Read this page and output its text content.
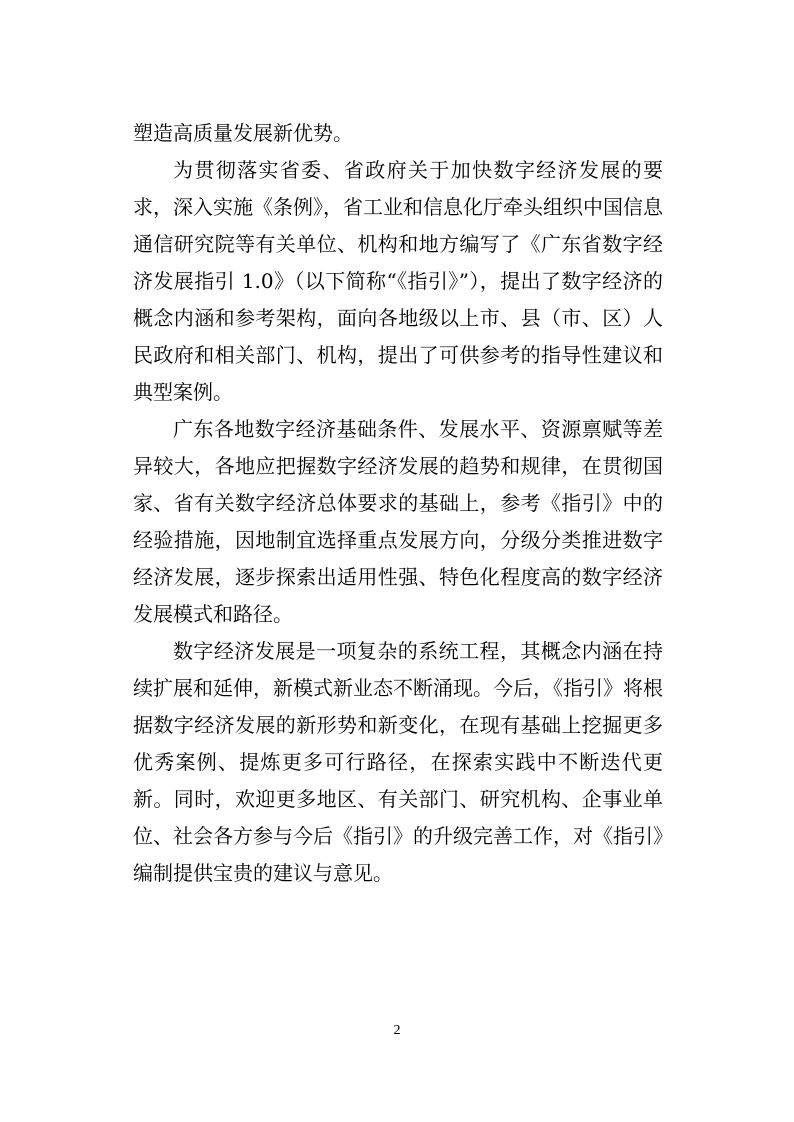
塑造高质量发展新优势。

为贯彻落实省委、省政府关于加快数字经济发展的要求，深入实施《条例》，省工业和信息化厅牵头组织中国信息通信研究院等有关单位、机构和地方编写了《广东省数字经济发展指引 1.0》（以下简称“《指引》”），提出了数字经济的概念内涵和参考架构，面向各地级以上市、县（市、区）人民政府和相关部门、机构，提出了可供参考的指导性建议和典型案例。

广东各地数字经济基础条件、发展水平、资源禀赋等差异较大，各地应把握数字经济发展的趋势和规律，在贯彻国家、省有关数字经济总体要求的基础上，参考《指引》中的经验措施，因地制宜选择重点发展方向，分级分类推进数字经济发展，逐步探索出适用性强、特色化程度高的数字经济发展模式和路径。

数字经济发展是一项复杂的系统工程，其概念内涵在持续扩展和延伸，新模式新业态不断涌现。今后，《指引》将根据数字经济发展的新形势和新变化，在现有基础上挖掘更多优秀案例、提炼更多可行路径，在探索实践中不断迭代更新。同时，欢迎更多地区、有关部门、研究机构、企事业单位、社会各方参与今后《指引》的升级完善工作，对《指引》编制提供宝贵的建议与意见。

2
